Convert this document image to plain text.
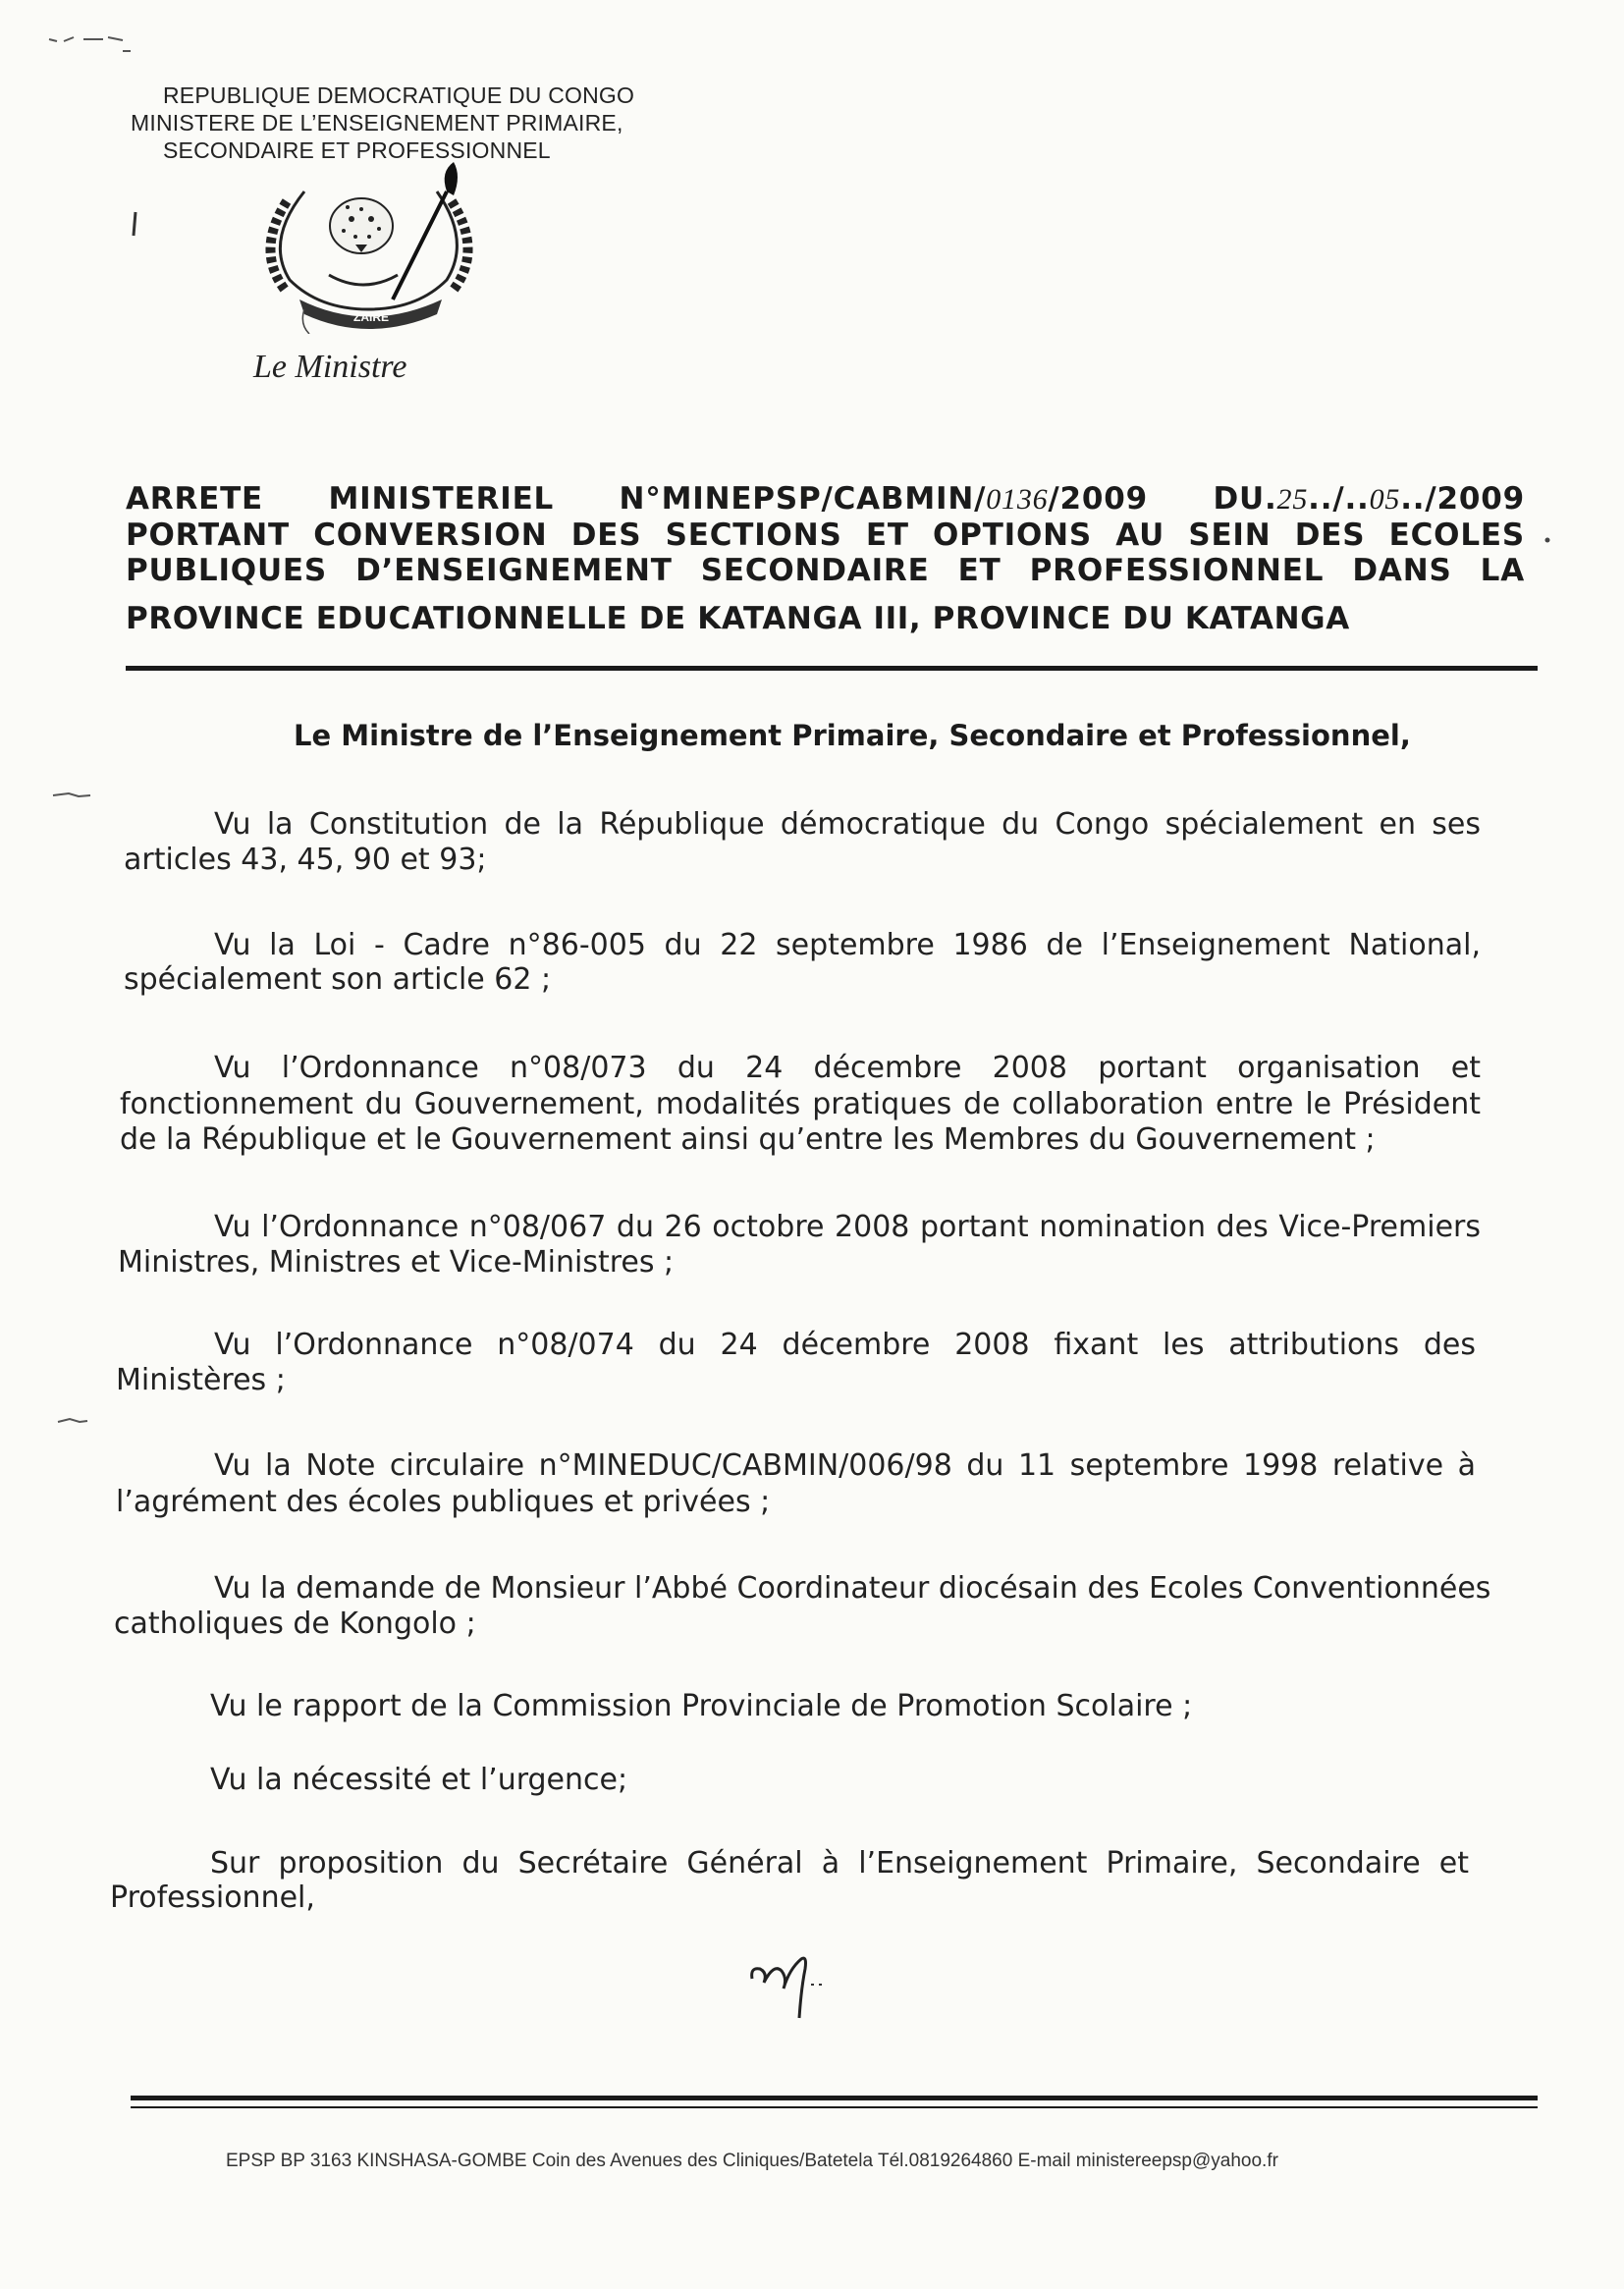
REPUBLIQUE DEMOCRATIQUE DU CONGO
MINISTERE DE L’ENSEIGNEMENT PRIMAIRE,
SECONDAIRE ET PROFESSIONNEL
ZAIRE
Le Ministre
ARRETE MINISTERIEL N°MINEPSP/CABMIN/0136/2009 DU.25../..05../2009
PORTANT CONVERSION DES SECTIONS ET OPTIONS AU SEIN DES ECOLES
PUBLIQUES D’ENSEIGNEMENT SECONDAIRE ET PROFESSIONNEL DANS LA
PROVINCE EDUCATIONNELLE DE KATANGA III, PROVINCE DU KATANGA
Le Ministre de l’Enseignement Primaire, Secondaire et Professionnel,
Vu la Constitution de la République démocratique du Congo spécialement en ses
articles 43, 45, 90 et 93;
Vu la Loi - Cadre n°86-005 du 22 septembre 1986 de l’Enseignement National,
spécialement son article 62 ;
Vu l’Ordonnance n°08/073 du 24 décembre 2008 portant organisation et
fonctionnement du Gouvernement, modalités pratiques de collaboration entre le Président
de la République et le Gouvernement ainsi qu’entre les Membres du Gouvernement ;
Vu l’Ordonnance n°08/067 du 26 octobre 2008 portant nomination des Vice-Premiers
Ministres, Ministres et Vice-Ministres ;
Vu l’Ordonnance n°08/074 du 24 décembre 2008 fixant les attributions des
Ministères ;
Vu la Note circulaire n°MINEDUC/CABMIN/006/98 du 11 septembre 1998 relative à
l’agrément des écoles publiques et privées ;
Vu la demande de Monsieur l’Abbé Coordinateur diocésain des Ecoles Conventionnées
catholiques de Kongolo ;
Vu le rapport de la Commission Provinciale de Promotion Scolaire ;
Vu la nécessité et l’urgence;
Sur proposition du Secrétaire Général à l’Enseignement Primaire, Secondaire et
Professionnel,
EPSP BP 3163 KINSHASA-GOMBE Coin des Avenues des Cliniques/Batetela Tél.0819264860 E-mail ministereepsp@yahoo.fr
